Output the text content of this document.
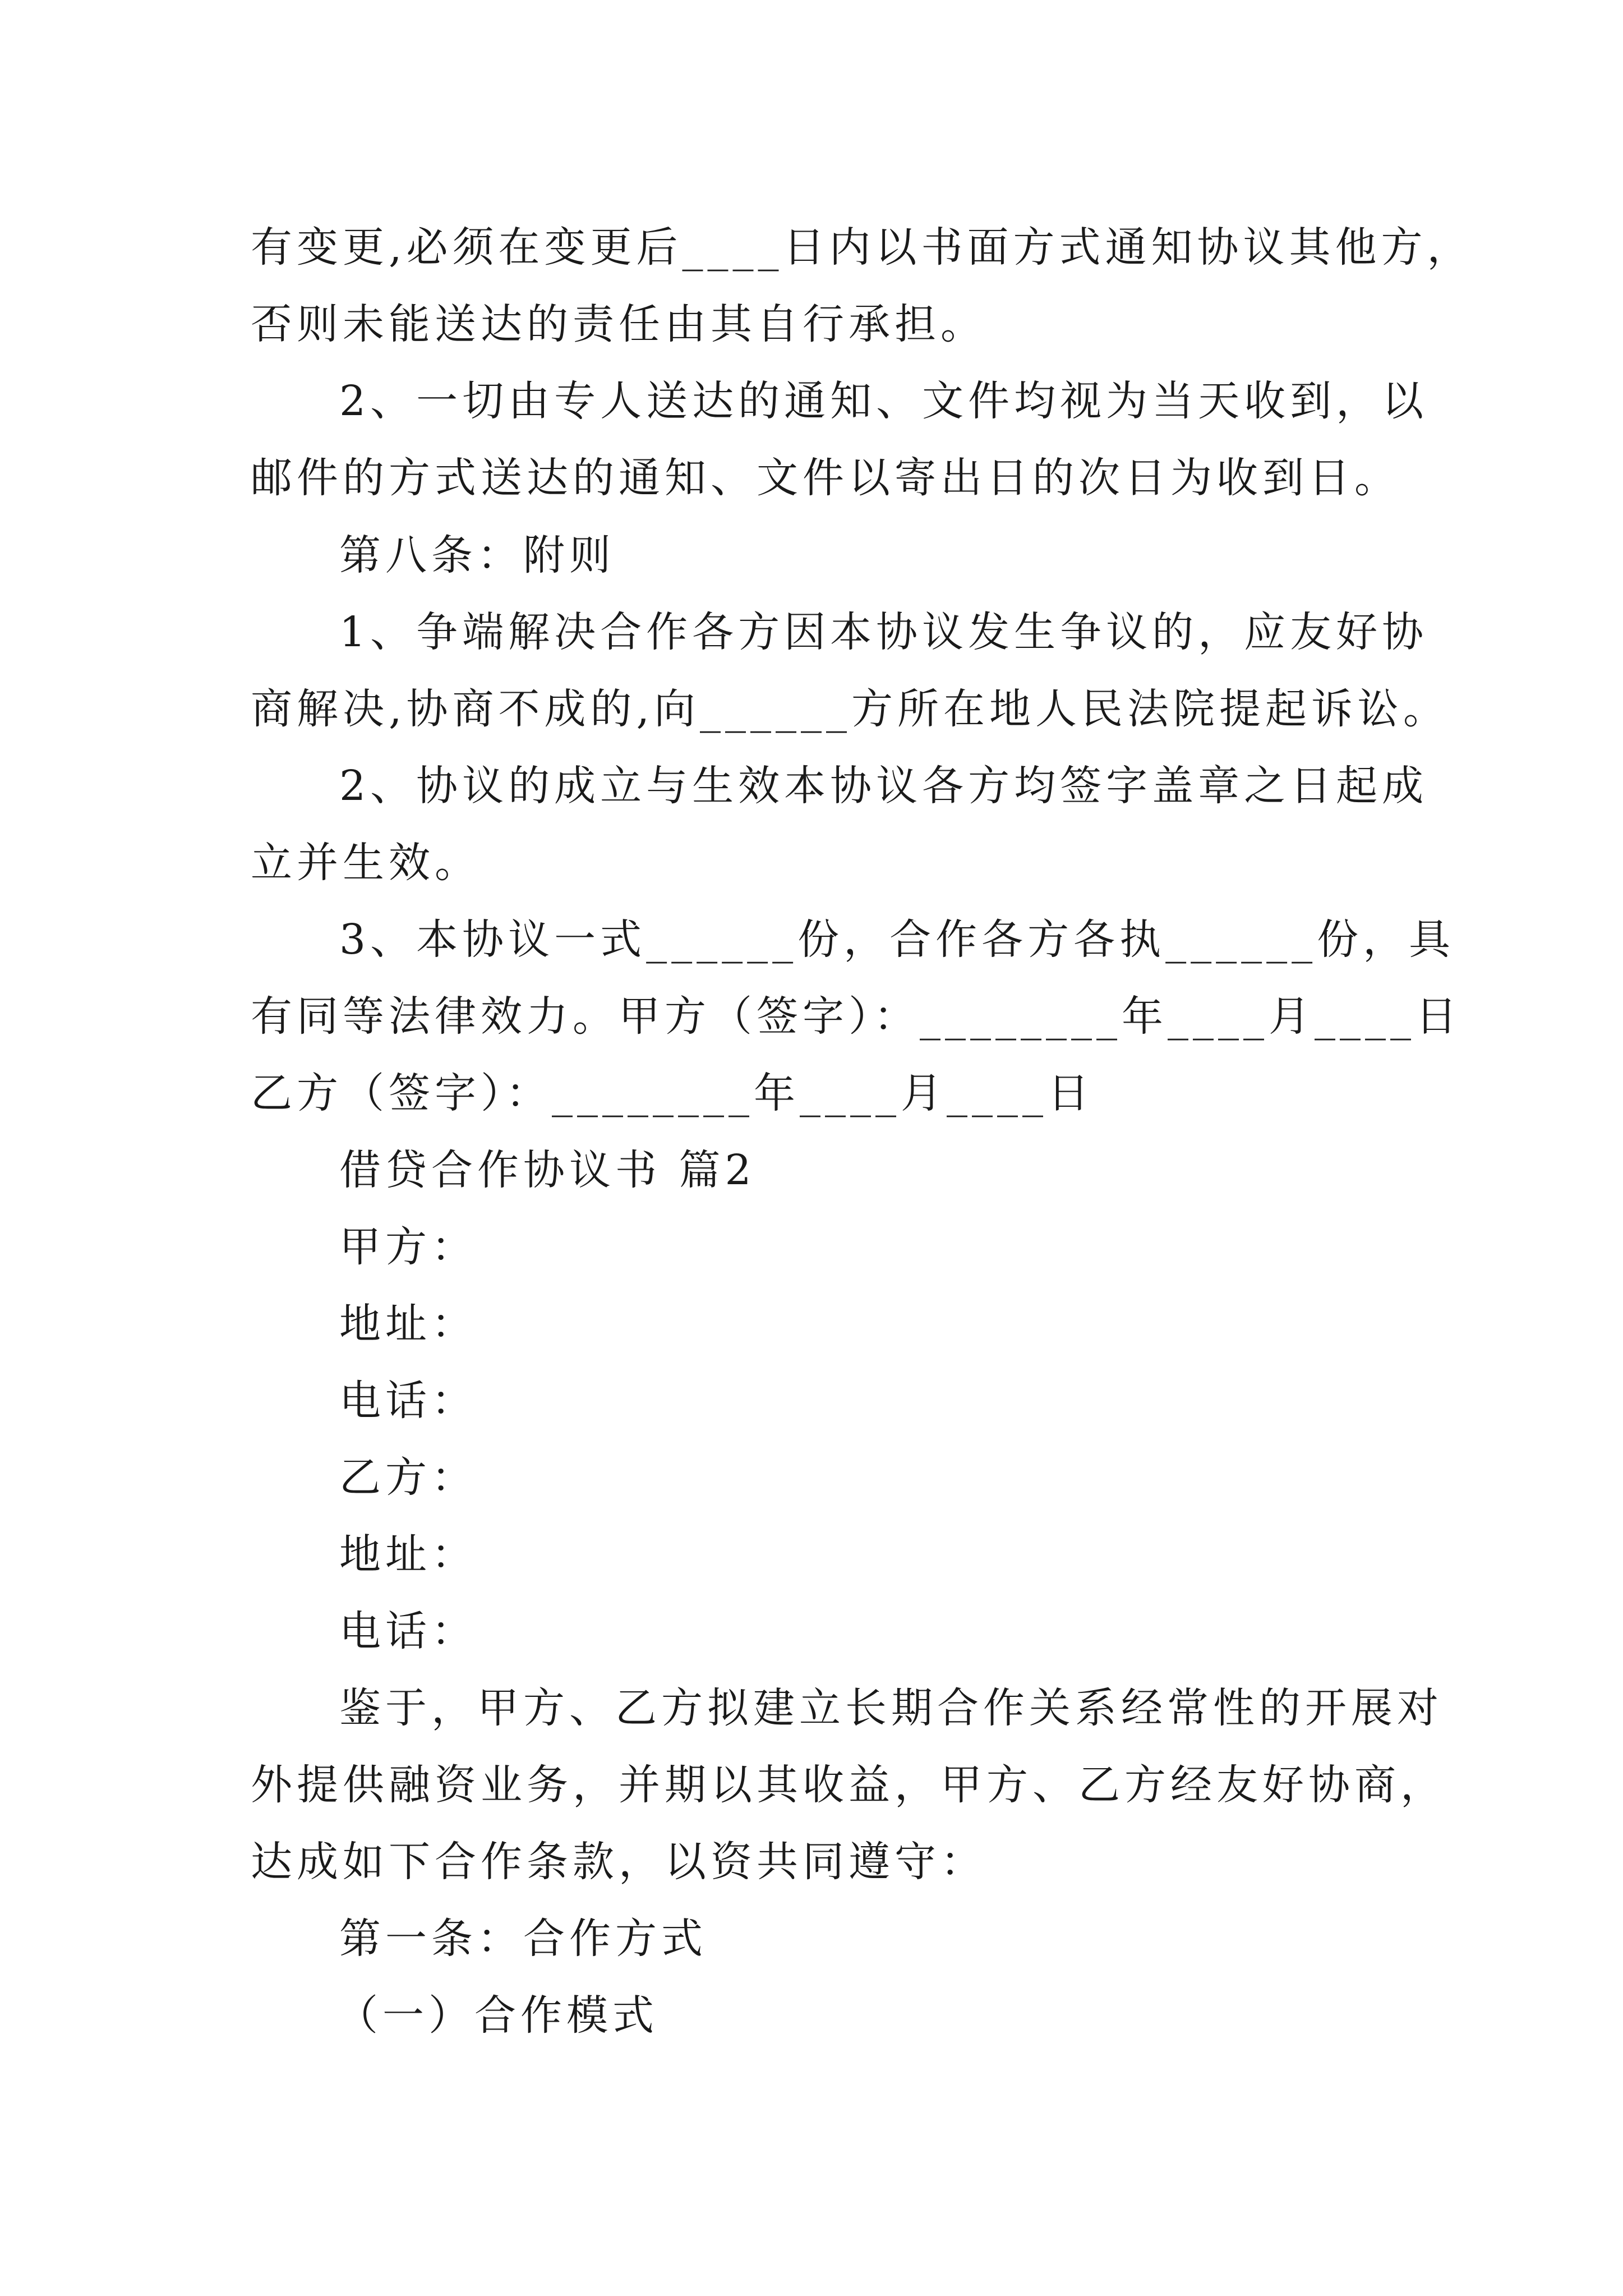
有变更,必须在变更后____日内以书面方式通知协议其他方，
否则未能送达的责任由其自行承担。
2、一切由专人送达的通知、文件均视为当天收到，以
邮件的方式送达的通知、文件以寄出日的次日为收到日。
第八条：附则
1、争端解决合作各方因本协议发生争议的，应友好协
商解决,协商不成的,向______方所在地人民法院提起诉讼。
2、协议的成立与生效本协议各方均签字盖章之日起成
立并生效。
3、本协议一式______份，合作各方各执______份，具
有同等法律效力。甲方（签字）：________年____月____日
乙方（签字）：________年____月____日
借贷合作协议书 篇2
甲方：
地址：
电话：
乙方：
地址：
电话：
鉴于，甲方、乙方拟建立长期合作关系经常性的开展对
外提供融资业务，并期以其收益，甲方、乙方经友好协商，
达成如下合作条款，以资共同遵守：
第一条：合作方式
（一）合作模式
